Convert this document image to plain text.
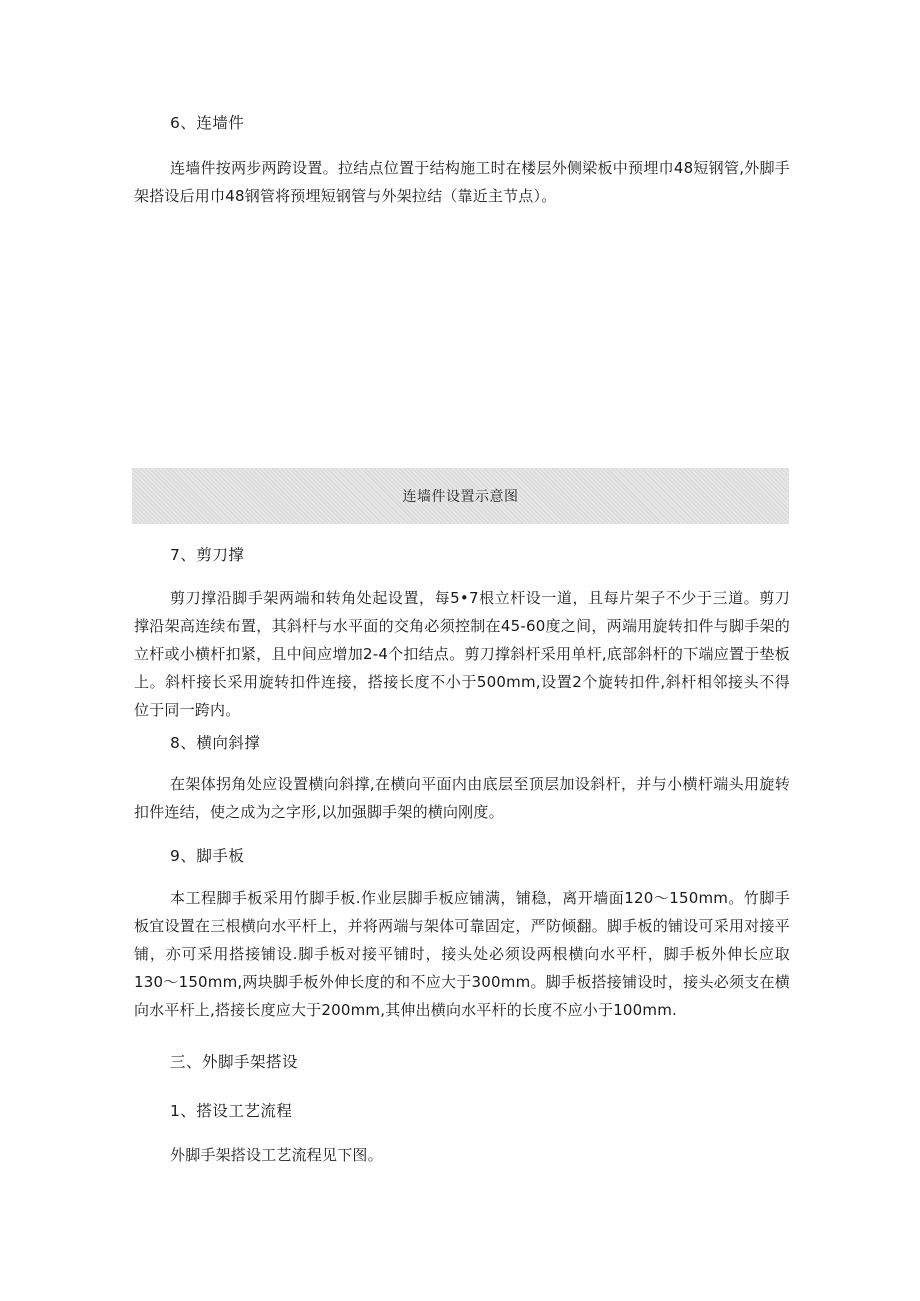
6、连墙件
连墙件按两步两跨设置。拉结点位置于结构施工时在楼层外侧梁板中预埋巾48短钢管,外脚手架搭设后用巾48钢管将预埋短钢管与外架拉结（靠近主节点）。
连墙件设置示意图
7、剪刀撑
剪刀撑沿脚手架两端和转角处起设置，每5•7根立杆设一道，且每片架子不少于三道。剪刀撑沿架高连续布置，其斜杆与水平面的交角必须控制在45-60度之间，两端用旋转扣件与脚手架的立杆或小横杆扣紧，且中间应增加2-4个扣结点。剪刀撑斜杆采用单杆,底部斜杆的下端应置于垫板上。斜杆接长采用旋转扣件连接，搭接长度不小于500mm,设置2个旋转扣件,斜杆相邻接头不得位于同一跨内。
8、横向斜撑
在架体拐角处应设置横向斜撑,在横向平面内由底层至顶层加设斜杆，并与小横杆端头用旋转扣件连结，使之成为之字形,以加强脚手架的横向刚度。
9、脚手板
本工程脚手板采用竹脚手板.作业层脚手板应铺满，铺稳，离开墙面120～150mm。竹脚手板宜设置在三根横向水平杆上，并将两端与架体可靠固定，严防倾翻。脚手板的铺设可采用对接平铺，亦可采用搭接铺设.脚手板对接平铺时，接头处必须设两根横向水平杆，脚手板外伸长应取130～150mm,两块脚手板外伸长度的和不应大于300mm。脚手板搭接铺设时，接头必须支在横向水平杆上,搭接长度应大于200mm,其伸出横向水平杆的长度不应小于100mm.
三、外脚手架搭设
1、搭设工艺流程
外脚手架搭设工艺流程见下图。
